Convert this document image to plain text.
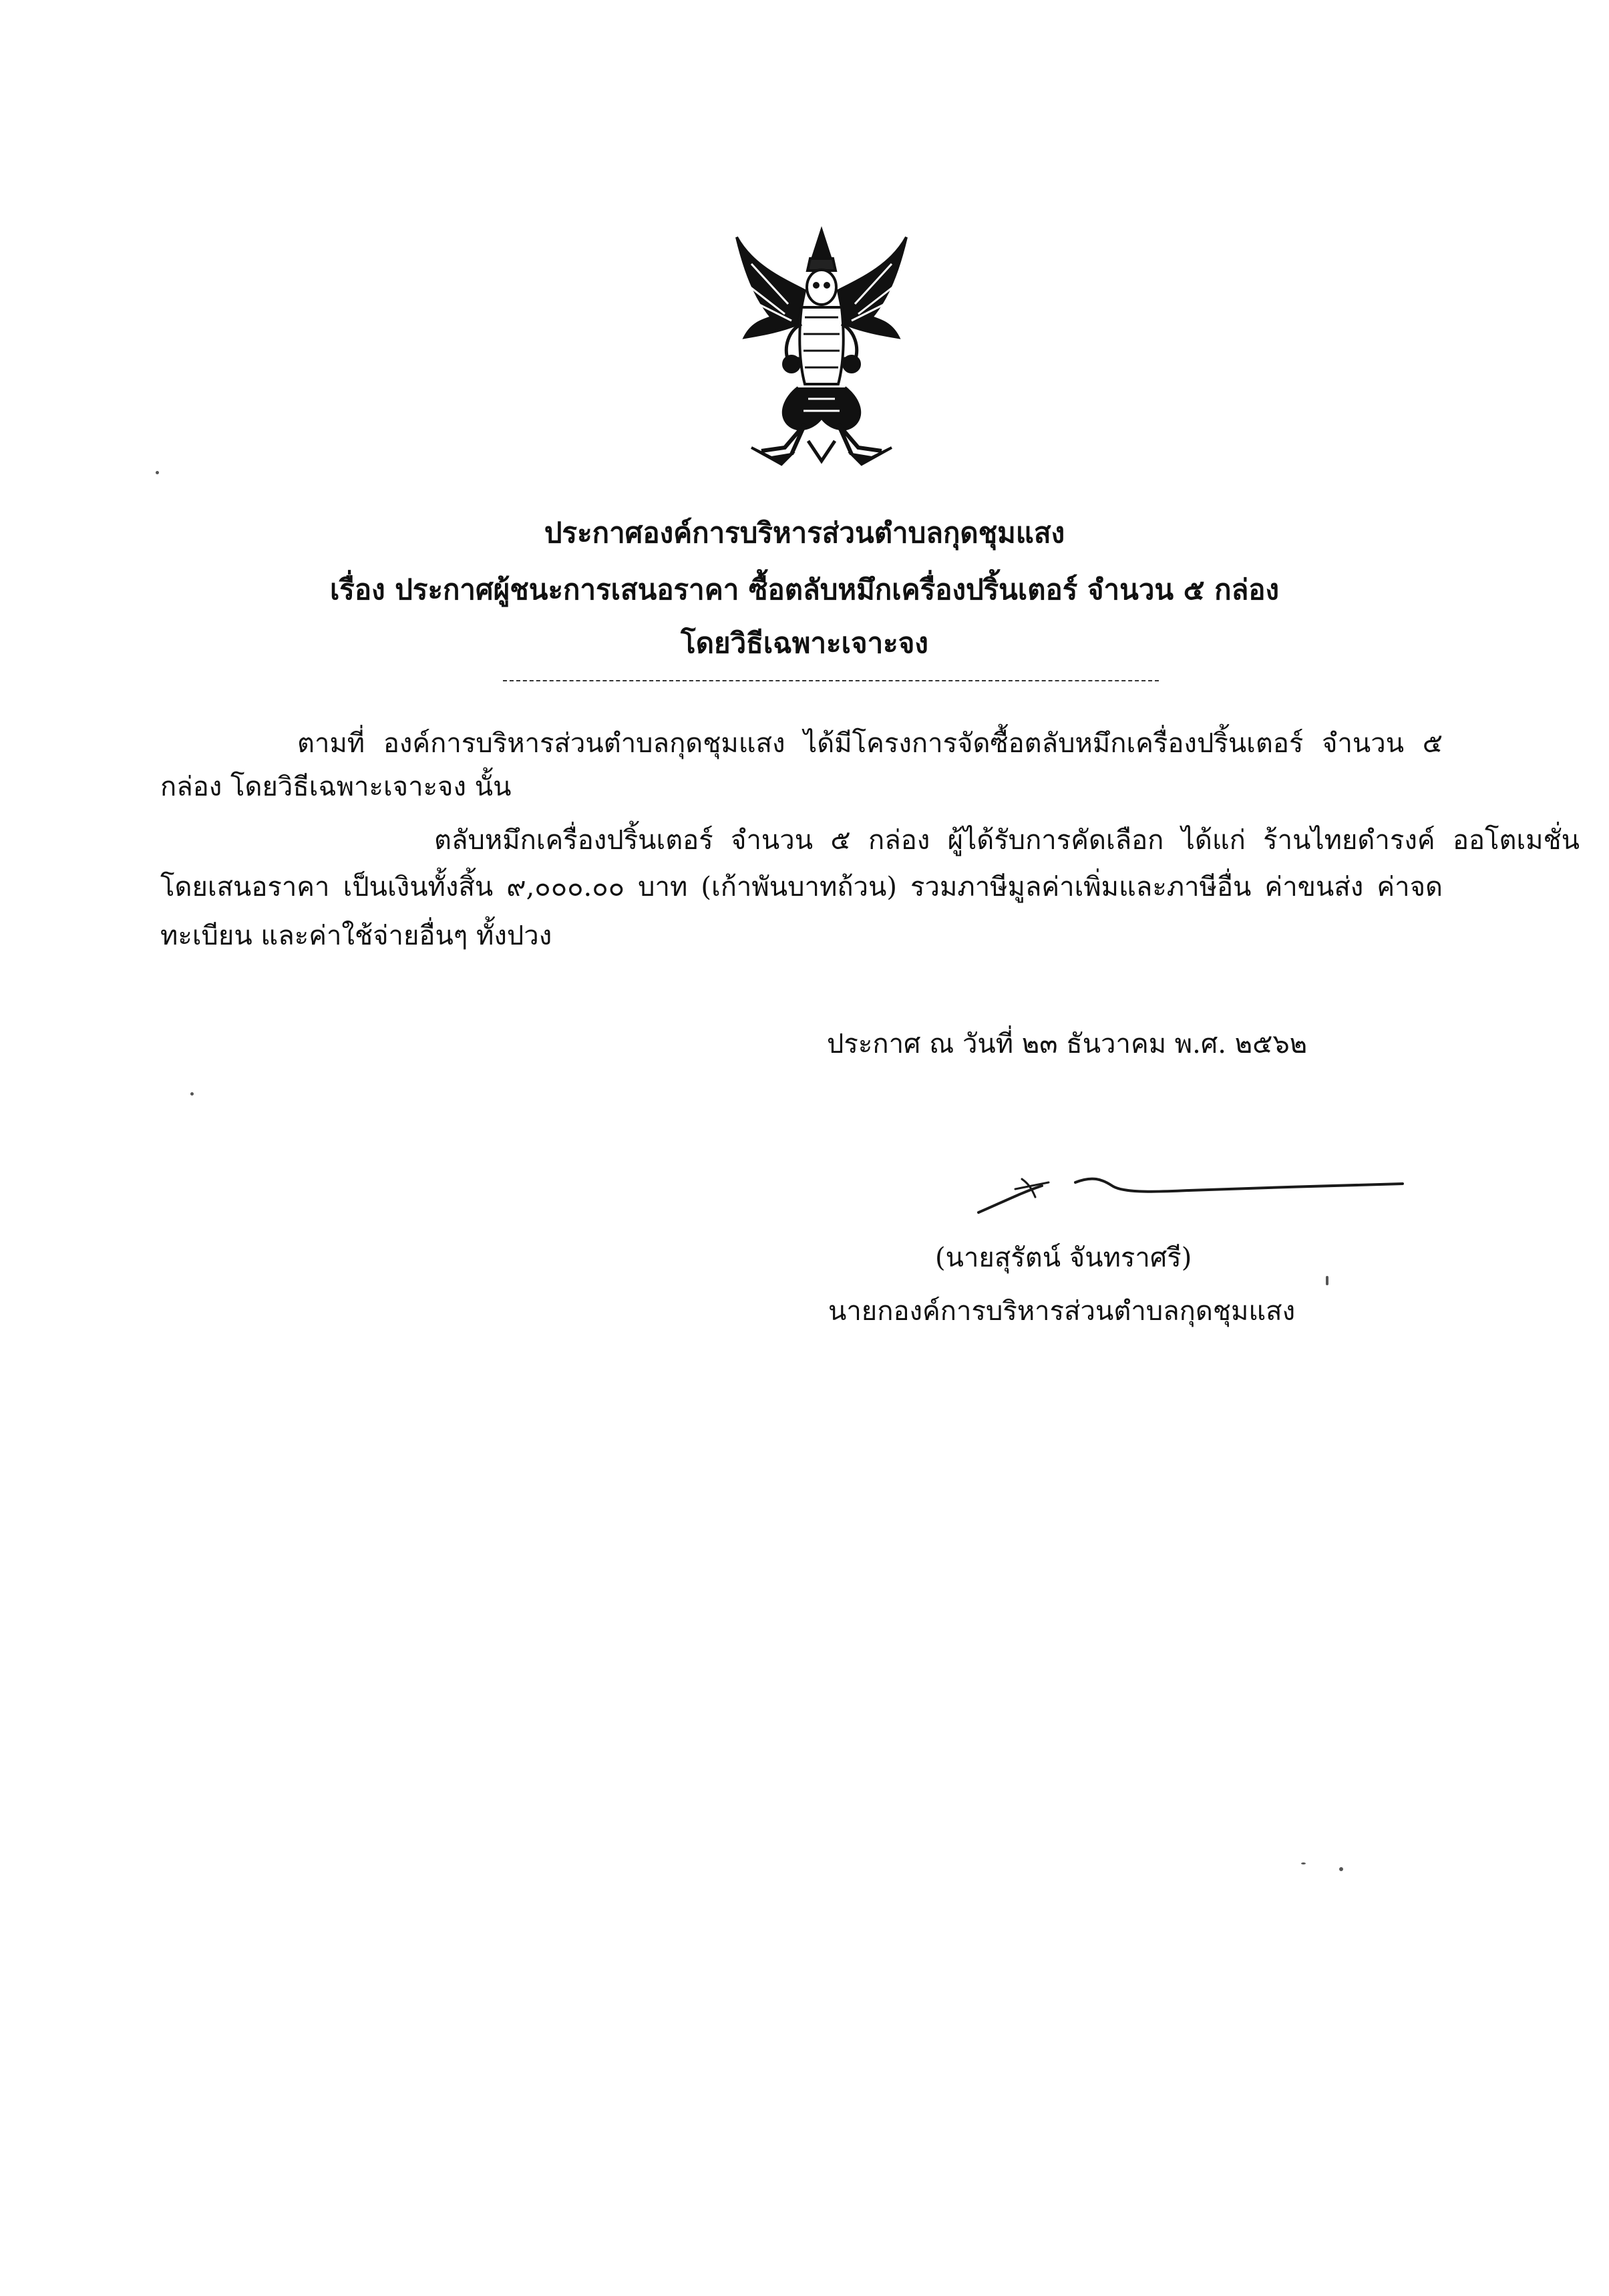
ประกาศองค์การบริหารส่วนตำบลกุดชุมแสง
เรื่อง ประกาศผู้ชนะการเสนอราคา ซื้อตลับหมึกเครื่องปริ้นเตอร์ จำนวน ๕ กล่อง
โดยวิธีเฉพาะเจาะจง
ตามที่ องค์การบริหารส่วนตำบลกุดชุมแสง ได้มีโครงการจัดซื้อตลับหมึกเครื่องปริ้นเตอร์ จำนวน ๕
กล่อง โดยวิธีเฉพาะเจาะจง นั้น
ตลับหมึกเครื่องปริ้นเตอร์ จำนวน ๕ กล่อง ผู้ได้รับการคัดเลือก ได้แก่ ร้านไทยดำรงค์ ออโตเมชั่น
โดยเสนอราคา เป็นเงินทั้งสิ้น ๙,๐๐๐.๐๐ บาท (เก้าพันบาทถ้วน) รวมภาษีมูลค่าเพิ่มและภาษีอื่น ค่าขนส่ง ค่าจด
ทะเบียน และค่าใช้จ่ายอื่นๆ ทั้งปวง
ประกาศ ณ วันที่ ๒๓ ธันวาคม พ.ศ. ๒๕๖๒
(นายสุรัตน์ จันทราศรี)
นายกองค์การบริหารส่วนตำบลกุดชุมแสง
